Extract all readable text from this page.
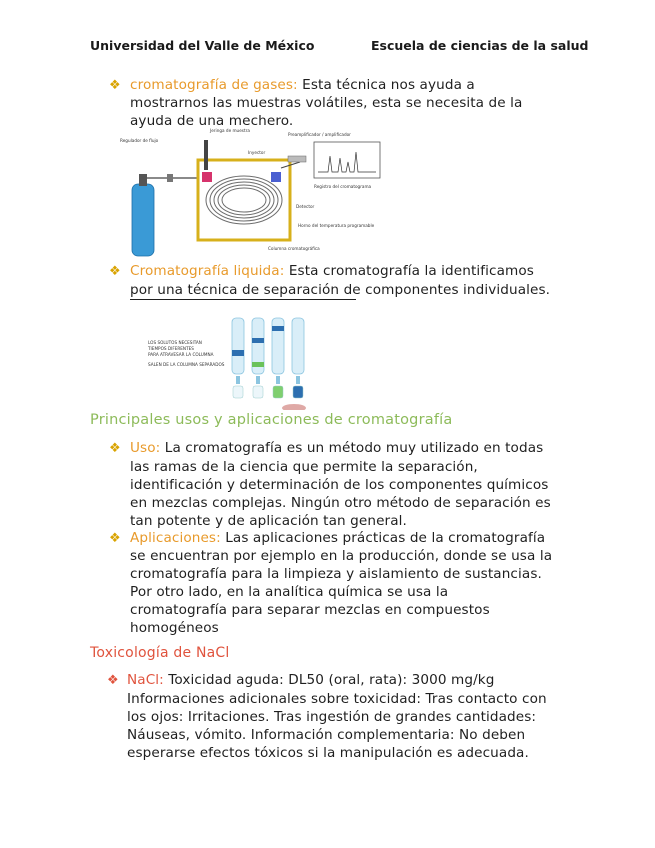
Universidad del Valle de México	Escuela de ciencias de la salud
❖ cromatografía de gases: Esta técnica nos ayuda a
mostrarnos las muestras volátiles, esta se necesita de la
ayuda de una mechero.
Regulador de flujo
Jeringa de muestra
Inyector
Preamplificador / amplificador
Registro del cromatograma
Detector
Horno del temperatura programable
Columna cromatográfica
❖ Cromatografía liquida: Esta cromatografía la identificamos
por una técnica de separación de componentes individuales.
LOS SOLUTOS NECESITAN
TIEMPOS DIFERENTES
PARA ATRAVESAR LA COLUMNA
SALEN DE LA COLUMNA SEPARADOS
Principales usos y aplicaciones de cromatografía
❖ Uso: La cromatografía es un método muy utilizado en todas
las ramas de la ciencia que permite la separación,
identificación y determinación de los componentes químicos
en mezclas complejas. Ningún otro método de separación es
tan potente y de aplicación tan general.
❖ Aplicaciones: Las aplicaciones prácticas de la cromatografía
se encuentran por ejemplo en la producción, donde se usa la
cromatografía para la limpieza y aislamiento de sustancias.
Por otro lado, en la analítica química se usa la
cromatografía para separar mezclas en compuestos
homogéneos
Toxicología de NaCl
❖ NaCl: Toxicidad aguda: DL50 (oral, rata): 3000 mg/kg
Informaciones adicionales sobre toxicidad: Tras contacto con
los ojos: Irritaciones. Tras ingestión de grandes cantidades:
Náuseas, vómito. Información complementaria: No deben
esperarse efectos tóxicos si la manipulación es adecuada.
